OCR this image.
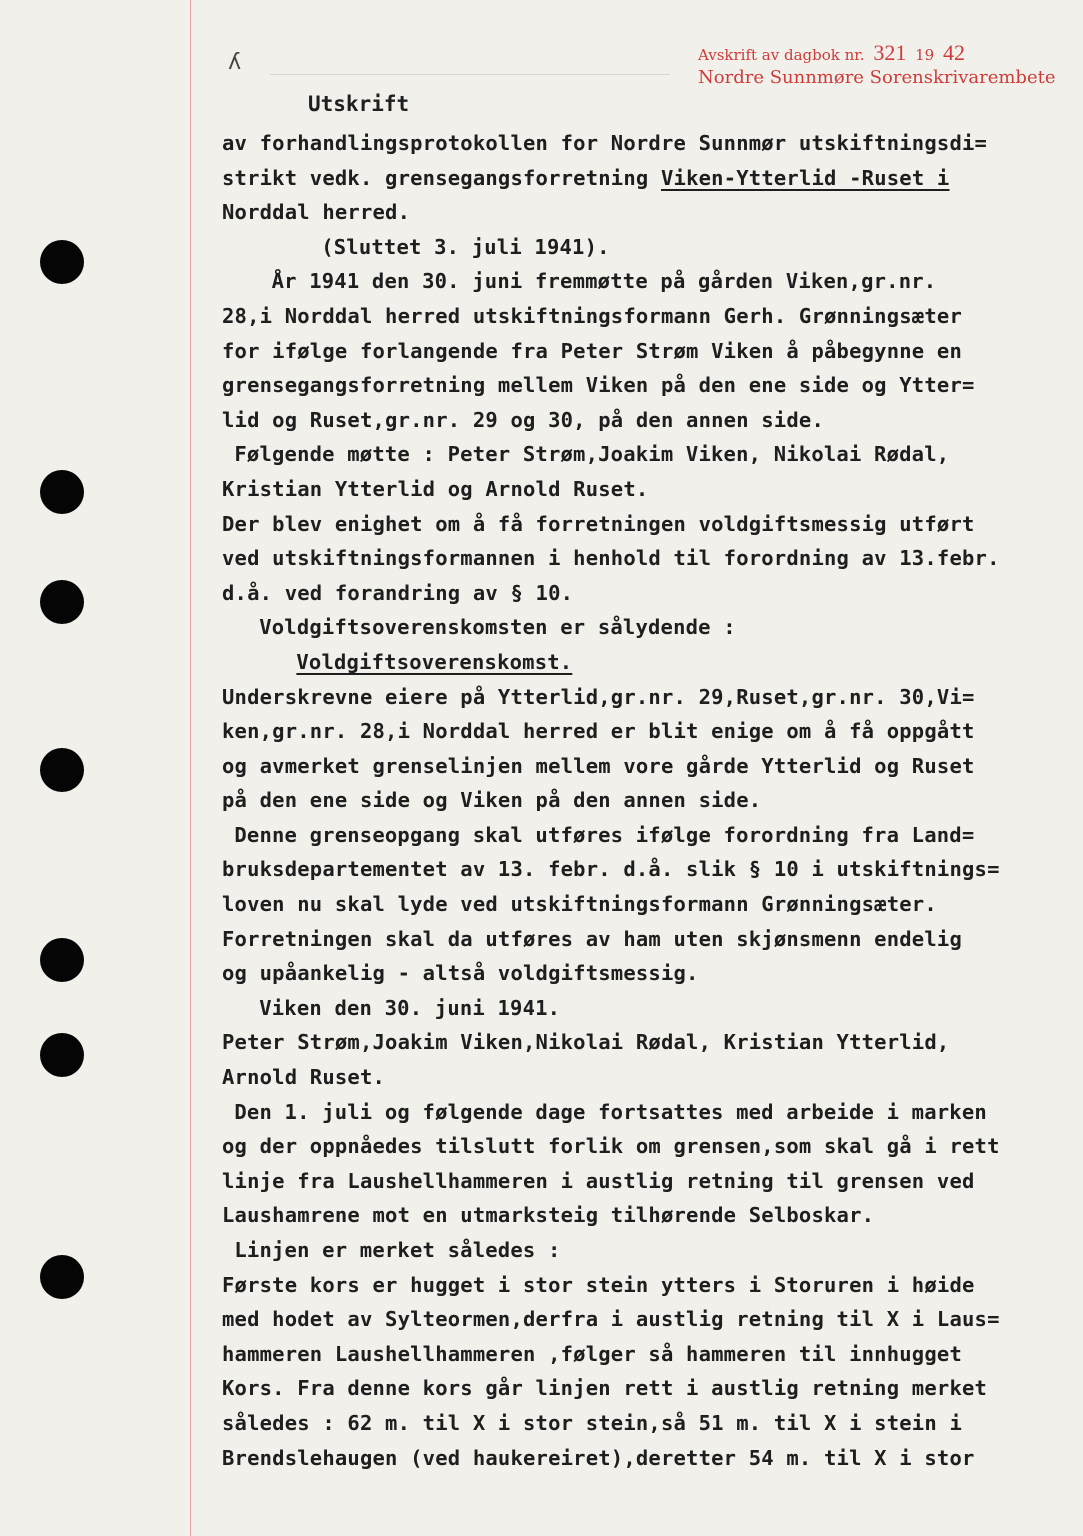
ʎ	Avskrift av dagbok nr. 321 19 42
Nordre Sunnmøre Sorenskrivarembete
Utskrift
av forhandlingsprotokollen for Nordre Sunnmør utskiftningsdi=
strikt vedk. grensegangsforretning Viken-Ytterlid -Ruset i
Norddal herred.
(Sluttet 3. juli 1941).
År 1941 den 30. juni fremmøtte på gården Viken,gr.nr.
28,i Norddal herred utskiftningsformann Gerh. Grønningsæter
for ifølge forlangende fra Peter Strøm Viken å påbegynne en
grensegangsforretning mellem Viken på den ene side og Ytter=
lid og Ruset,gr.nr. 29 og 30, på den annen side.
Følgende møtte : Peter Strøm,Joakim Viken, Nikolai Rødal,
Kristian Ytterlid og Arnold Ruset.
Der blev enighet om å få forretningen voldgiftsmessig utført
ved utskiftningsformannen i henhold til forordning av 13.febr.
d.å. ved forandring av § 10.
Voldgiftsoverenskomsten er sålydende :
Voldgiftsoverenskomst.
Underskrevne eiere på Ytterlid,gr.nr. 29,Ruset,gr.nr. 30,Vi=
ken,gr.nr. 28,i Norddal herred er blit enige om å få oppgått
og avmerket grenselinjen mellem vore gårde Ytterlid og Ruset
på den ene side og Viken på den annen side.
Denne grenseopgang skal utføres ifølge forordning fra Land=
bruksdepartementet av 13. febr. d.å. slik § 10 i utskiftnings=
loven nu skal lyde ved utskiftningsformann Grønningsæter.
Forretningen skal da utføres av ham uten skjønsmenn endelig
og upåankelig - altså voldgiftsmessig.
Viken den 30. juni 1941.
Peter Strøm,Joakim Viken,Nikolai Rødal, Kristian Ytterlid,
Arnold Ruset.
Den 1. juli og følgende dage fortsattes med arbeide i marken
og der oppnåedes tilslutt forlik om grensen,som skal gå i rett
linje fra Laushellhammeren i austlig retning til grensen ved
Laushamrene mot en utmarksteig tilhørende Selboskar.
Linjen er merket således :
Første kors er hugget i stor stein ytters i Storuren i høide
med hodet av Sylteormen,derfra i austlig retning til X i Laus=
hammeren Laushellhammeren ,følger så hammeren til innhugget
Kors. Fra denne kors går linjen rett i austlig retning merket
således : 62 m. til X i stor stein,så 51 m. til X i stein i
Brendslehaugen (ved haukereiret),deretter 54 m. til X i stor
